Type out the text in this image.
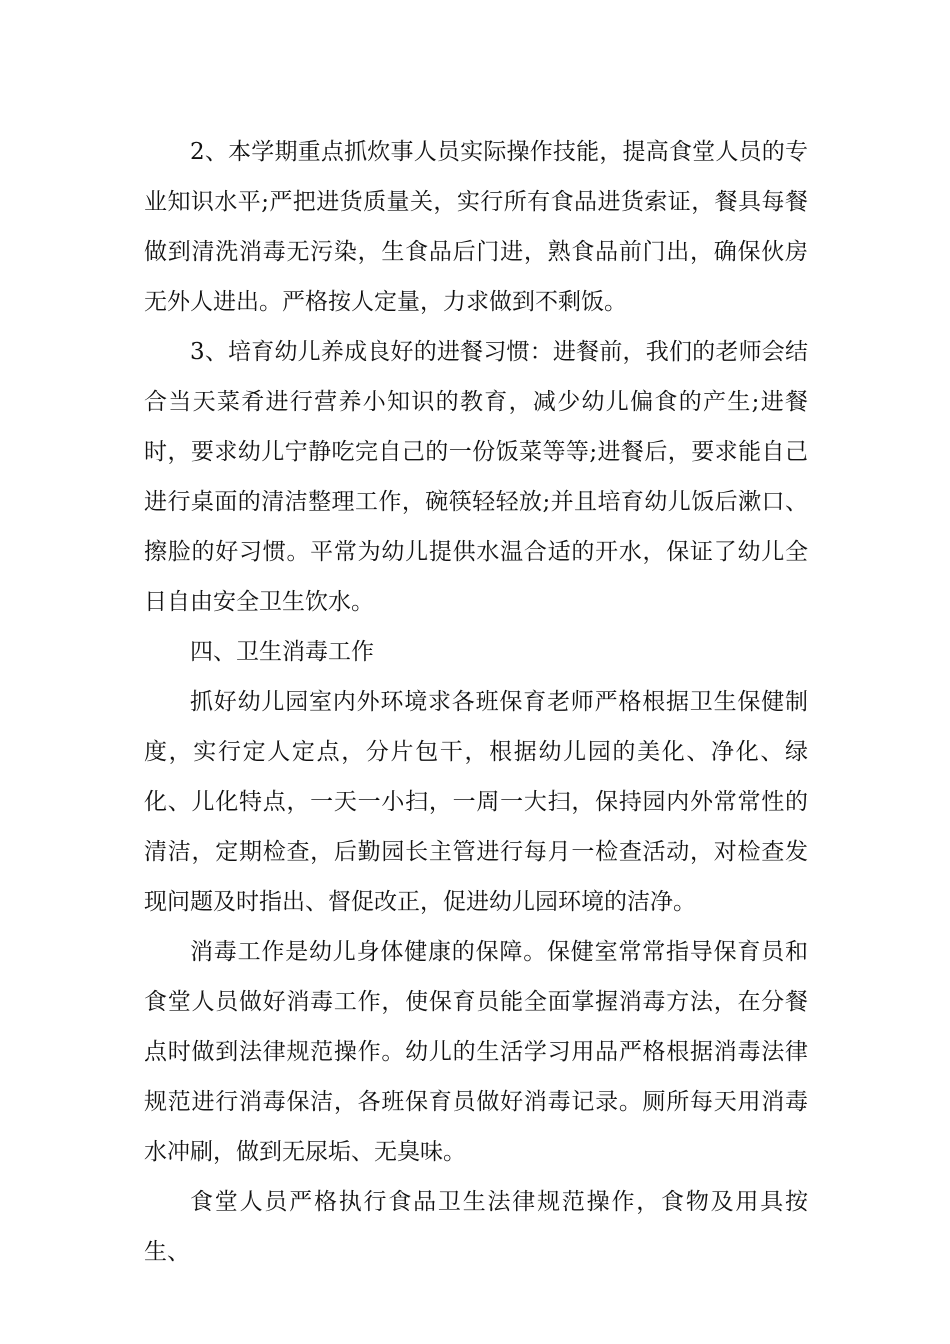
2、本学期重点抓炊事人员实际操作技能，提高食堂人员的专业知识水平;严把进货质量关，实行所有食品进货索证，餐具每餐做到清洗消毒无污染，生食品后门进，熟食品前门出，确保伙房无外人进出。严格按人定量，力求做到不剩饭。

3、培育幼儿养成良好的进餐习惯：进餐前，我们的老师会结合当天菜肴进行营养小知识的教育，减少幼儿偏食的产生;进餐时，要求幼儿宁静吃完自己的一份饭菜等等;进餐后，要求能自己进行桌面的清洁整理工作，碗筷轻轻放;并且培育幼儿饭后漱口、擦脸的好习惯。平常为幼儿提供水温合适的开水，保证了幼儿全日自由安全卫生饮水。

四、卫生消毒工作

抓好幼儿园室内外环境求各班保育老师严格根据卫生保健制度，实行定人定点，分片包干，根据幼儿园的美化、净化、绿化、儿化特点，一天一小扫，一周一大扫，保持园内外常常性的清洁，定期检查，后勤园长主管进行每月一检查活动，对检查发现问题及时指出、督促改正，促进幼儿园环境的洁净。

消毒工作是幼儿身体健康的保障。保健室常常指导保育员和食堂人员做好消毒工作，使保育员能全面掌握消毒方法，在分餐点时做到法律规范操作。幼儿的生活学习用品严格根据消毒法律规范进行消毒保洁，各班保育员做好消毒记录。厕所每天用消毒水冲刷，做到无尿垢、无臭味。

食堂人员严格执行食品卫生法律规范操作，食物及用具按生、
